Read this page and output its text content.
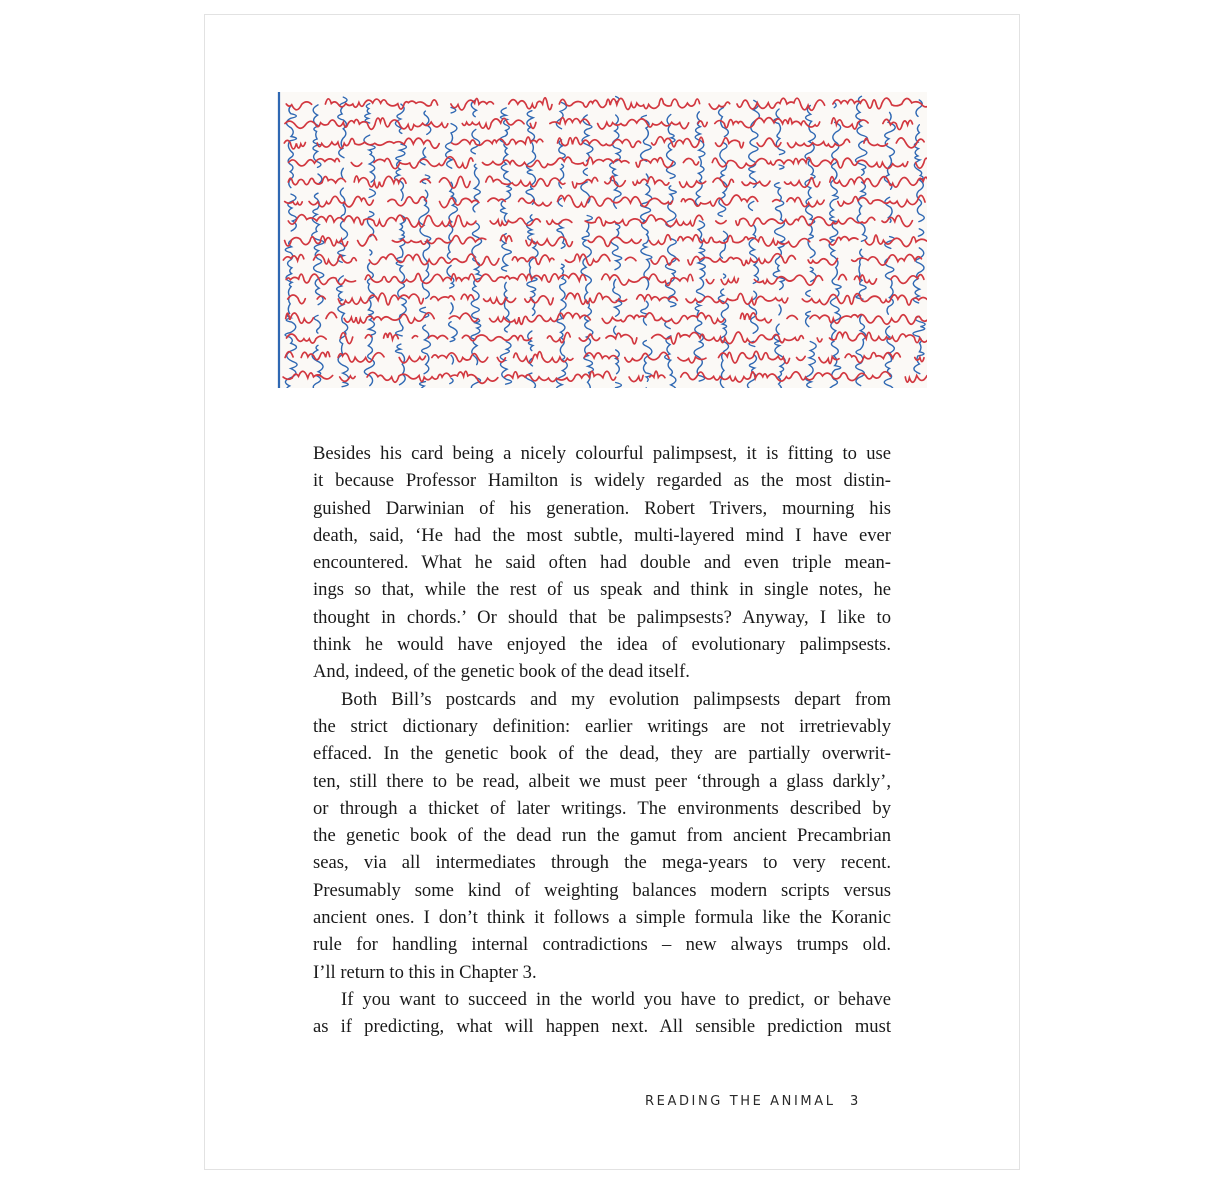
Besides his card being a nicely colourful palimpsest, it is fitting to use
it because Professor Hamilton is widely regarded as the most distin-
guished Darwinian of his generation. Robert Trivers, mourning his
death, said, ‘He had the most subtle, multi-layered mind I have ever
encountered. What he said often had double and even triple mean-
ings so that, while the rest of us speak and think in single notes, he
thought in chords.’ Or should that be palimpsests? Anyway, I like to
think he would have enjoyed the idea of evolutionary palimpsests.
And, indeed, of the genetic book of the dead itself.
Both Bill’s postcards and my evolution palimpsests depart from
the strict dictionary definition: earlier writings are not irretrievably
effaced. In the genetic book of the dead, they are partially overwrit-
ten, still there to be read, albeit we must peer ‘through a glass darkly’,
or through a thicket of later writings. The environments described by
the genetic book of the dead run the gamut from ancient Precambrian
seas, via all intermediates through the mega-years to very recent.
Presumably some kind of weighting balances modern scripts versus
ancient ones. I don’t think it follows a simple formula like the Koranic
rule for handling internal contradictions – new always trumps old.
I’ll return to this in Chapter 3.
If you want to succeed in the world you have to predict, or behave
as if predicting, what will happen next. All sensible prediction must
READING THE ANIMAL 3
